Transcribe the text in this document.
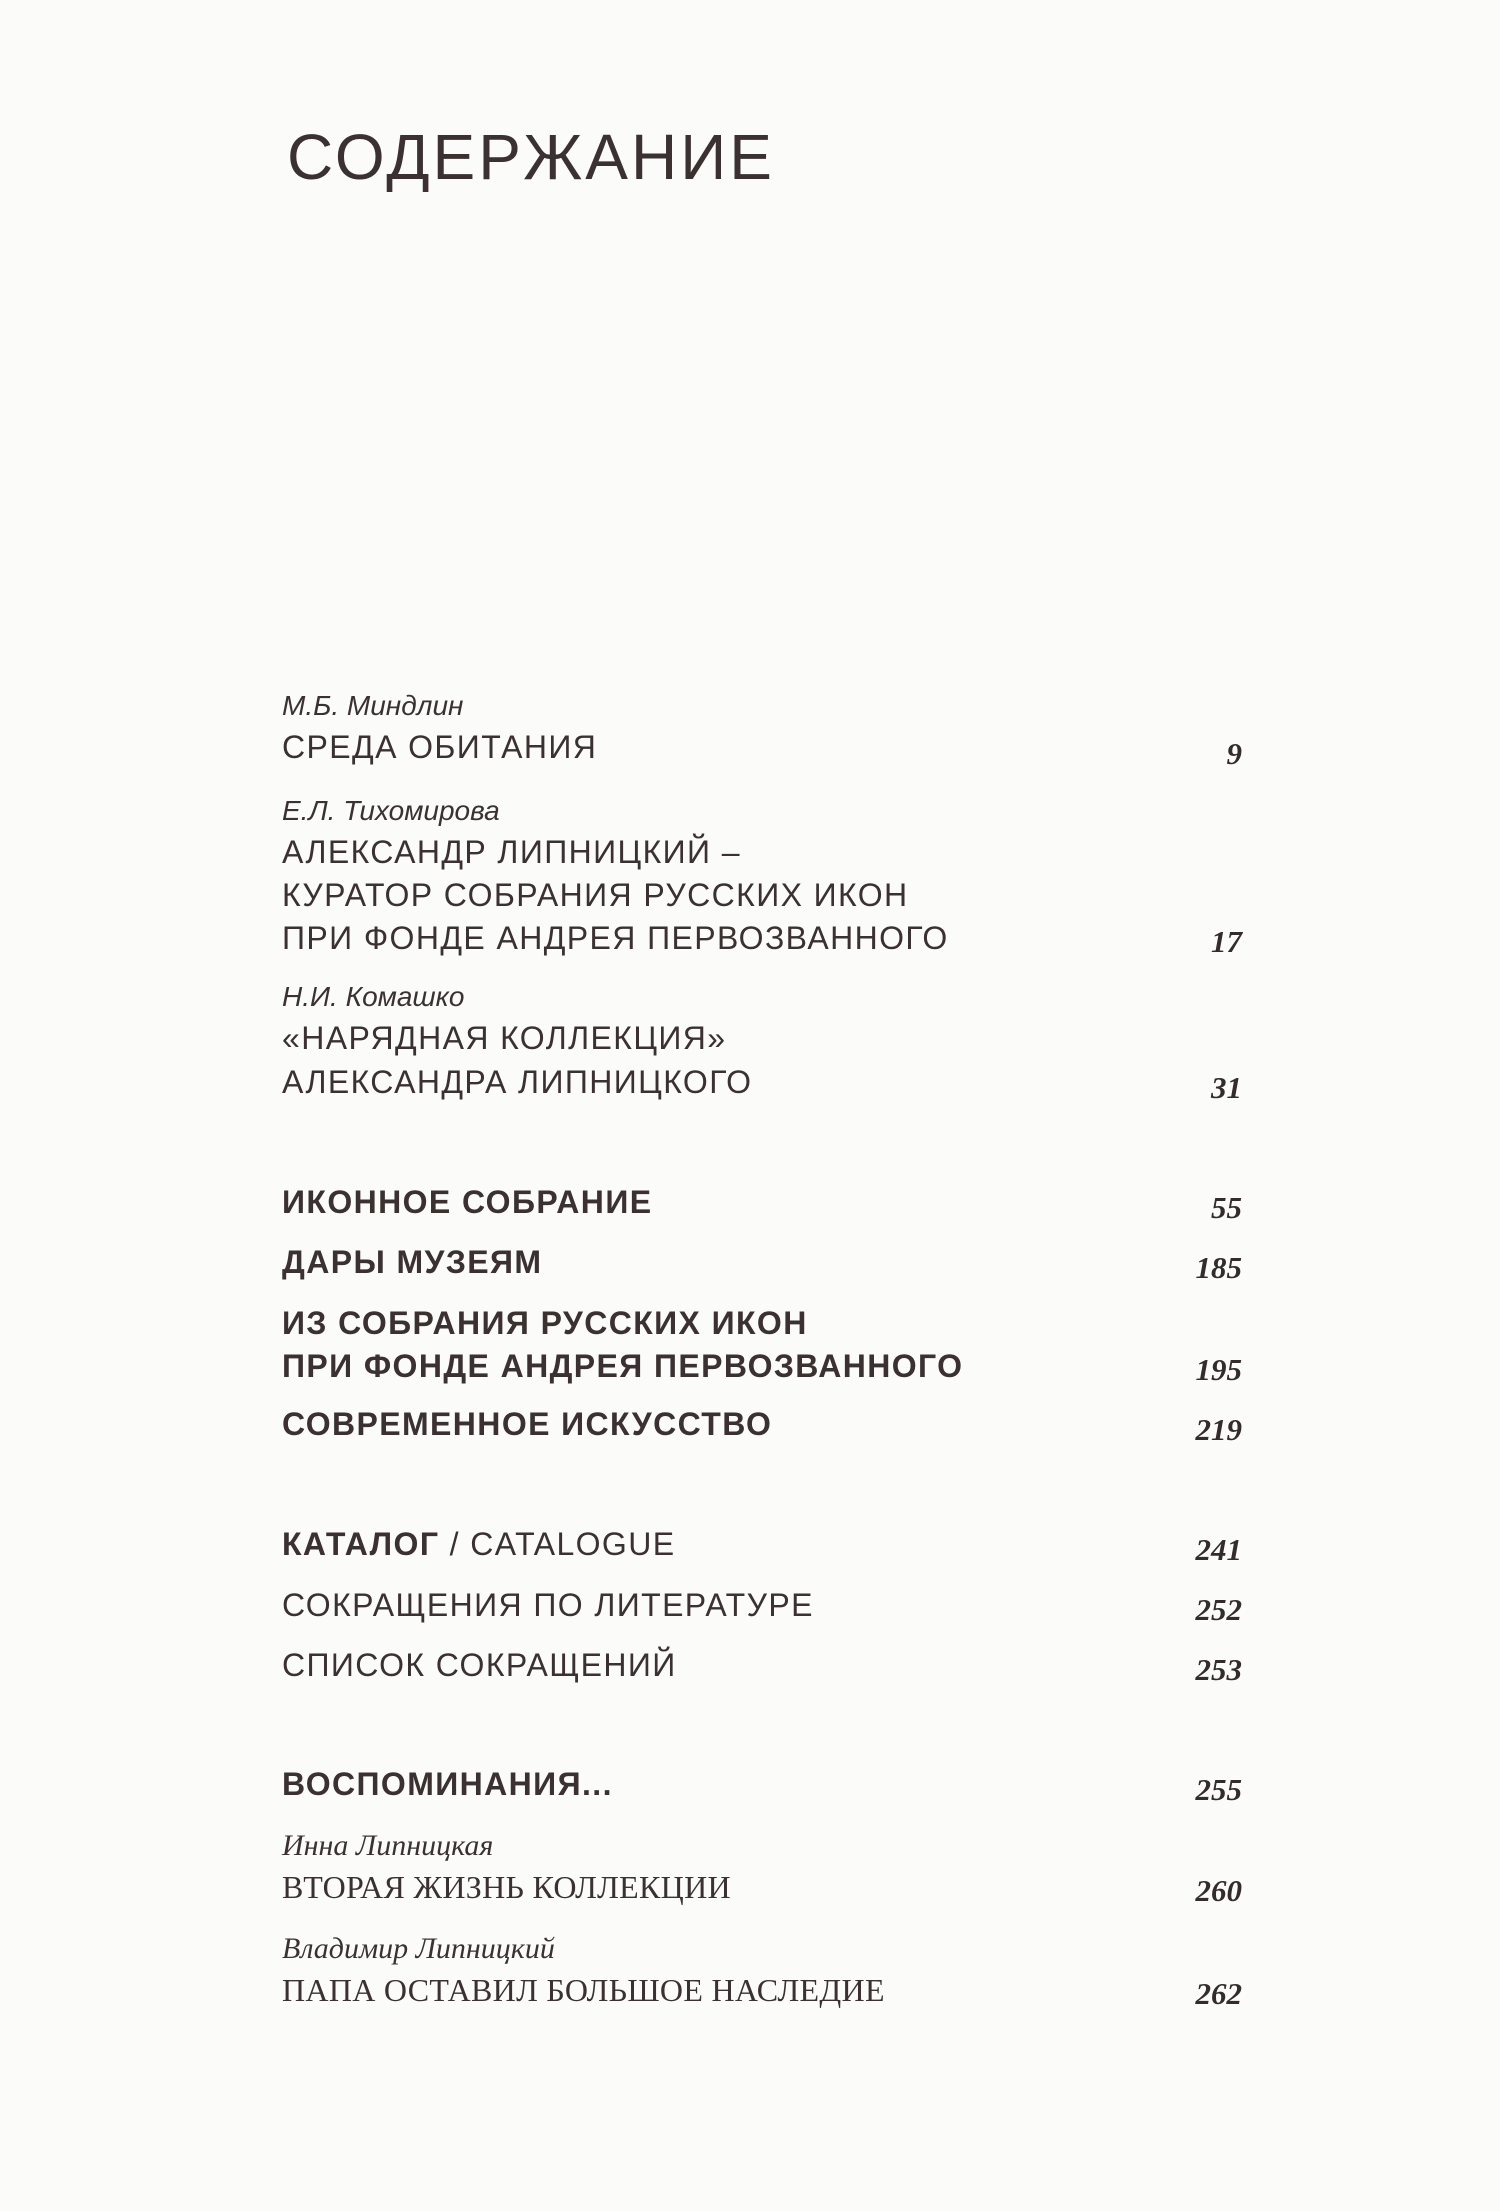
СОДЕРЖАНИЕ
М.Б. Миндлин
СРЕДА ОБИТАНИЯ	9
Е.Л. Тихомирова
АЛЕКСАНДР ЛИПНИЦКИЙ –
КУРАТОР СОБРАНИЯ РУССКИХ ИКОН
ПРИ ФОНДЕ АНДРЕЯ ПЕРВОЗВАННОГО	17
Н.И. Комашко
«НАРЯДНАЯ КОЛЛЕКЦИЯ»
АЛЕКСАНДРА ЛИПНИЦКОГО	31
ИКОННОЕ СОБРАНИЕ	55
ДАРЫ МУЗЕЯМ	185
ИЗ СОБРАНИЯ РУССКИХ ИКОН
ПРИ ФОНДЕ АНДРЕЯ ПЕРВОЗВАННОГО	195
СОВРЕМЕННОЕ ИСКУССТВО	219
КАТАЛОГ / CATALOGUE	241
СОКРАЩЕНИЯ ПО ЛИТЕРАТУРЕ	252
СПИСОК СОКРАЩЕНИЙ	253
ВОСПОМИНАНИЯ...	255
Инна Липницкая
ВТОРАЯ ЖИЗНЬ КОЛЛЕКЦИИ	260
Владимир Липницкий
ПАПА ОСТАВИЛ БОЛЬШОЕ НАСЛЕДИЕ	262
